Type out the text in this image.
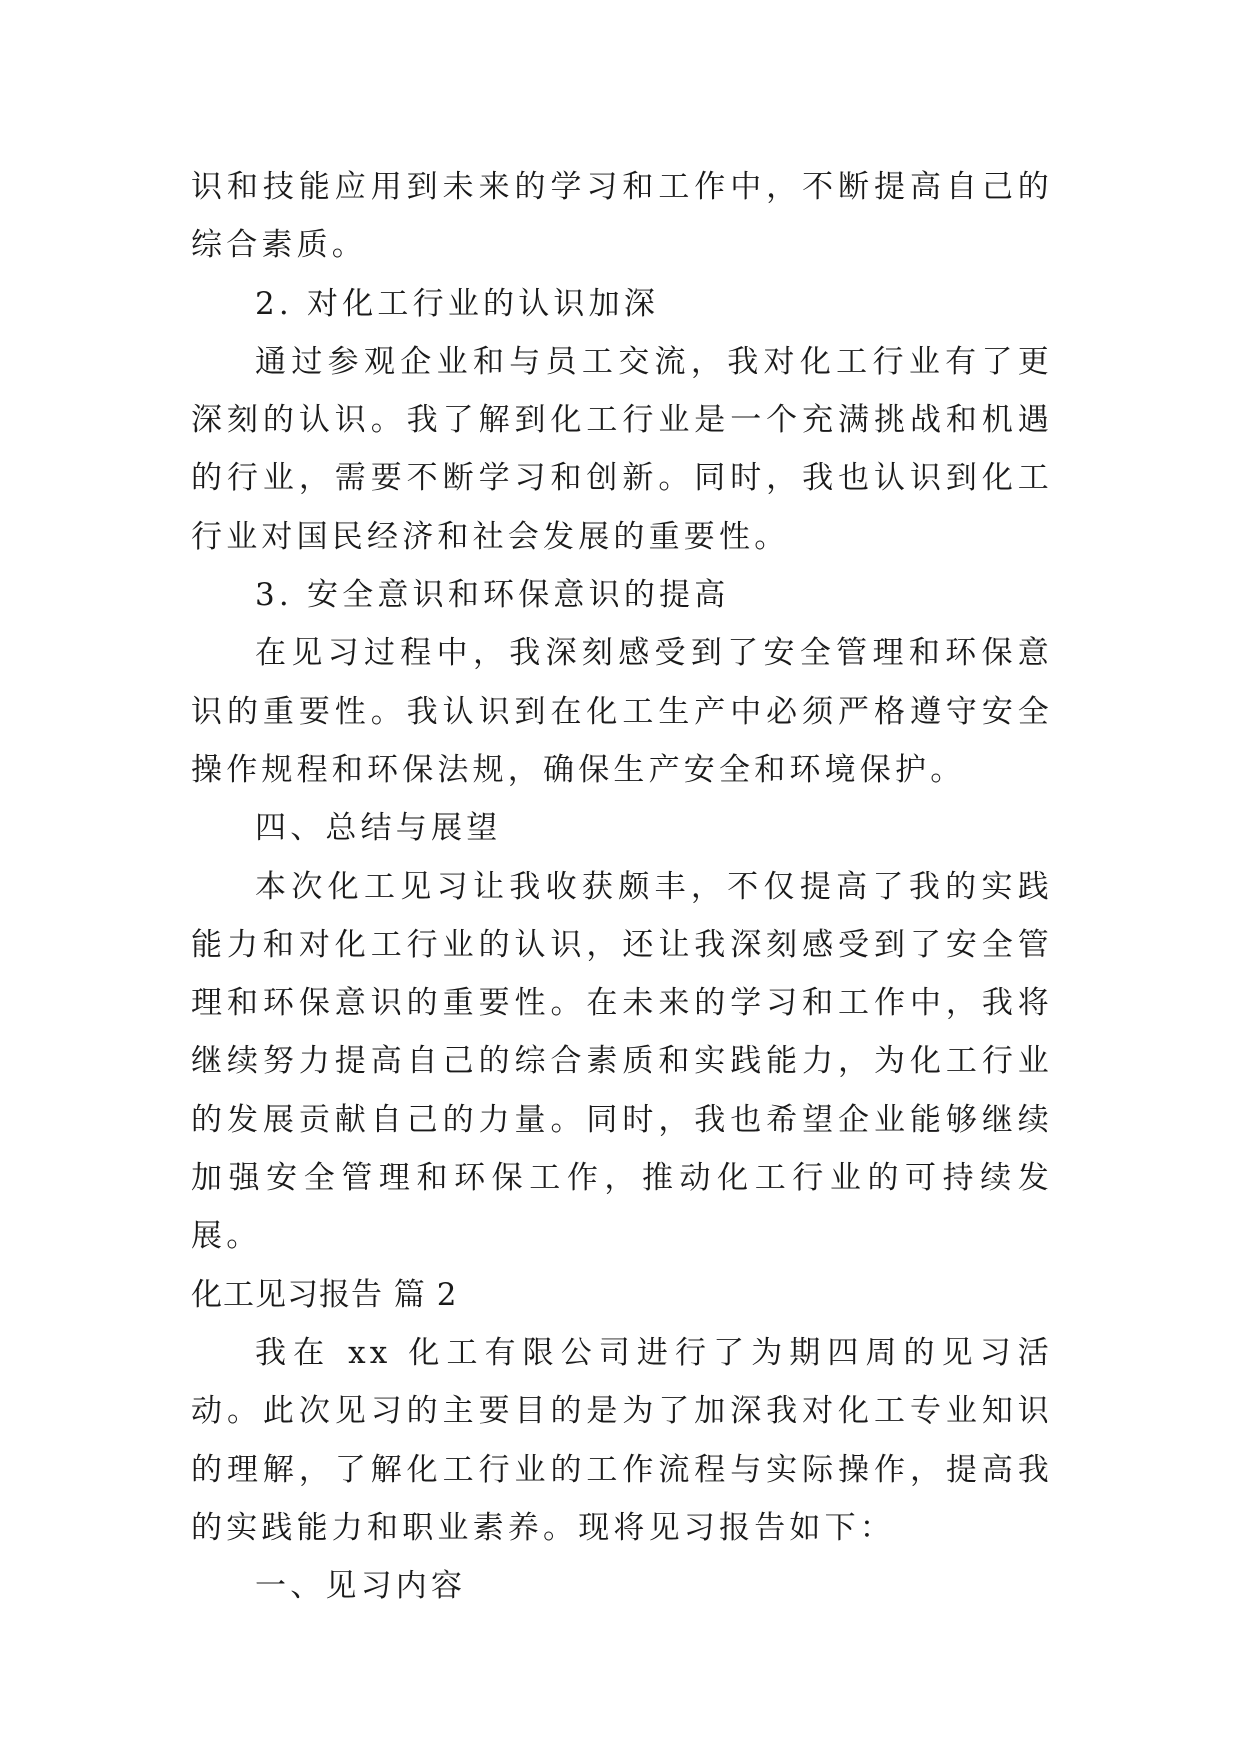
识和技能应用到未来的学习和工作中，不断提高自己的综合素质。

2. 对化工行业的认识加深

通过参观企业和与员工交流，我对化工行业有了更深刻的认识。我了解到化工行业是一个充满挑战和机遇的行业，需要不断学习和创新。同时，我也认识到化工行业对国民经济和社会发展的重要性。

3. 安全意识和环保意识的提高

在见习过程中，我深刻感受到了安全管理和环保意识的重要性。我认识到在化工生产中必须严格遵守安全操作规程和环保法规，确保生产安全和环境保护。

四、总结与展望

本次化工见习让我收获颇丰，不仅提高了我的实践能力和对化工行业的认识，还让我深刻感受到了安全管理和环保意识的重要性。在未来的学习和工作中，我将继续努力提高自己的综合素质和实践能力，为化工行业的发展贡献自己的力量。同时，我也希望企业能够继续加强安全管理和环保工作，推动化工行业的可持续发展。

化工见习报告 篇 2

我在 xx 化工有限公司进行了为期四周的见习活动。此次见习的主要目的是为了加深我对化工专业知识的理解，了解化工行业的工作流程与实际操作，提高我的实践能力和职业素养。现将见习报告如下：

一、见习内容
